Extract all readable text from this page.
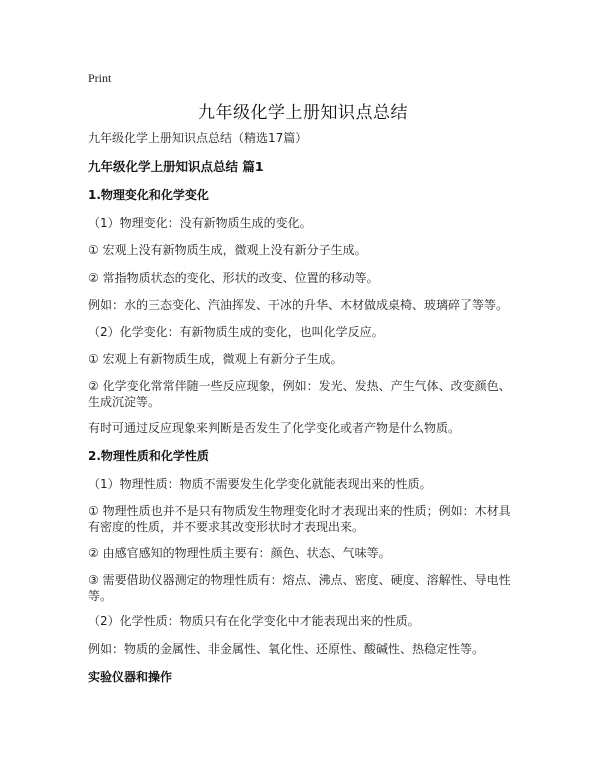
Print
九年级化学上册知识点总结
九年级化学上册知识点总结（精选17篇）
九年级化学上册知识点总结 篇1
1.物理变化和化学变化
（1）物理变化：没有新物质生成的变化。
① 宏观上没有新物质生成，微观上没有新分子生成。
② 常指物质状态的变化、形状的改变、位置的移动等。
例如：水的三态变化、汽油挥发、干冰的升华、木材做成桌椅、玻璃碎了等等。
（2）化学变化：有新物质生成的变化，也叫化学反应。
① 宏观上有新物质生成，微观上有新分子生成。
② 化学变化常常伴随一些反应现象，例如：发光、发热、产生气体、改变颜色、生成沉淀等。
有时可通过反应现象来判断是否发生了化学变化或者产物是什么物质。
2.物理性质和化学性质
（1）物理性质：物质不需要发生化学变化就能表现出来的性质。
① 物理性质也并不是只有物质发生物理变化时才表现出来的性质；例如：木材具有密度的性质，并不要求其改变形状时才表现出来。
② 由感官感知的物理性质主要有：颜色、状态、气味等。
③ 需要借助仪器测定的物理性质有：熔点、沸点、密度、硬度、溶解性、导电性等。
（2）化学性质：物质只有在化学变化中才能表现出来的性质。
例如：物质的金属性、非金属性、氧化性、还原性、酸碱性、热稳定性等。
实验仪器和操作
